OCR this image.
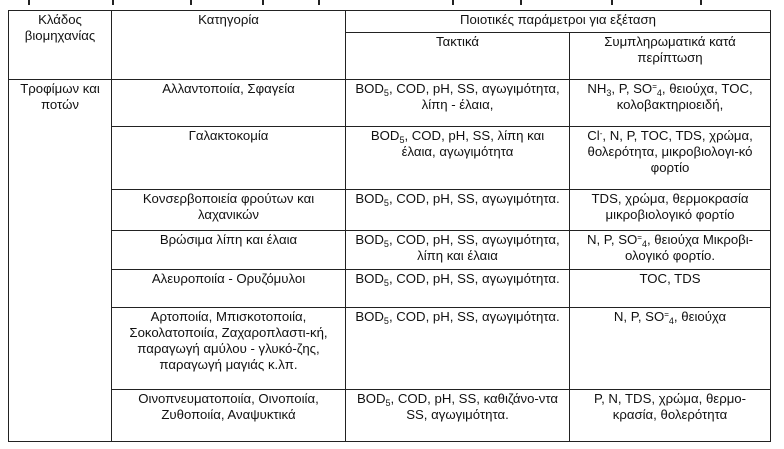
Κλάδος βιομηχανίας	Κατηγορία	Ποιοτικές παράμετροι για εξέταση	
		Τακτικά	Συμπληρωματικά κατά περίπτωση
Τροφίμων και ποτών	Αλλαντοποιία, Σφαγεία	$BOD_5$, COD, pH, SS, αγωγιμότητα, λίπη - έλαια,	$NH_3$, P, $SO^=_4$, θειούχα, TOC, κολοβακτηριοειδή,
	Γαλακτοκομία	$BOD_5$, COD, pH, SS, λίπη και έλαια, αγωγιμότητα	Cl-, N, P, TOC, TDS, χρώμα, θολερότητα, μικροβιολογι-κό φορτίο
	Κονσερβοποιεία φρούτων και λαχανικών	$BOD_5$, COD, pH, SS, αγωγιμότητα.	TDS, χρώμα, θερμοκρασία μικροβιολογικό φορτίο
	Βρώσιμα λίπη και έλαια	$BOD_5$, COD, pH, SS, αγωγιμότητα, λίπη και έλαια	N, P, $SO^=_4$, θειούχα Μικροβι-ολογικό φορτίο.
	Αλευροποιία - Ορυζόμυλοι	$BOD_5$, COD, pH, SS, αγωγιμότητα.	TOC, TDS
	Αρτοποιία, Μπισκοτοποιία, Σοκολατοποιία, Ζαχαροπλαστι-κή, παραγωγή αμύλου - γλυκό-ζης, παραγωγή μαγιάς κ.λπ.	$BOD_5$, COD, pH, SS, αγωγιμότητα.	N, P, $SO^=_4$, θειούχα
	Οινοπνευματοποιία, Οινοποιία, Ζυθοποιία, Αναψυκτικά	$BOD_5$, COD, pH, SS, καθιζάνο-ντα SS, αγωγιμότητα.	P, N, TDS, χρώμα, θερμο-κρασία, θολερότητα
